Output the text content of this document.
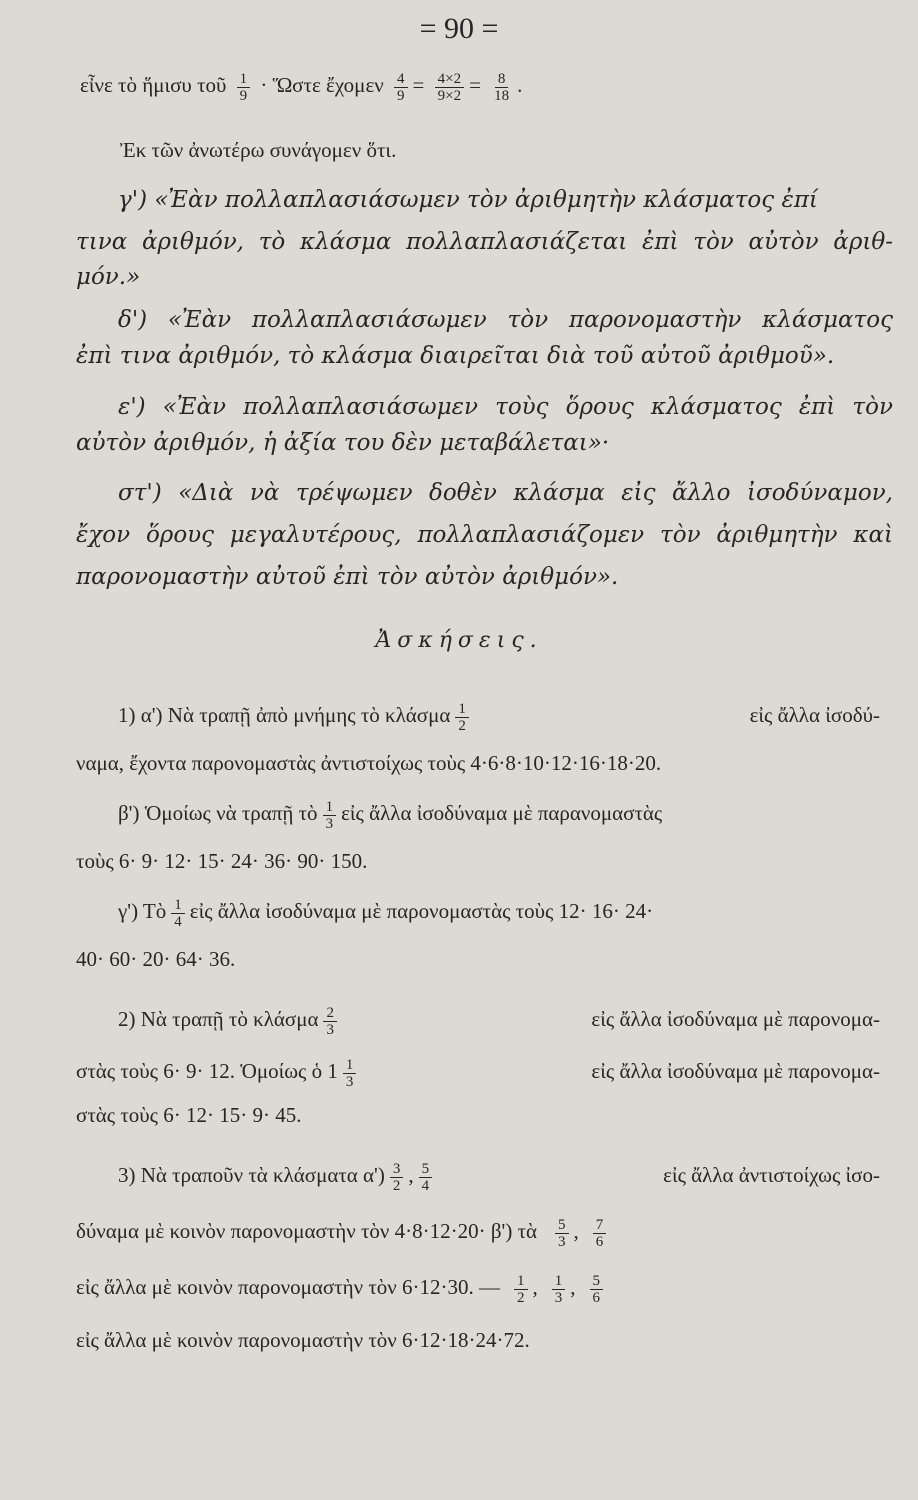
= 90 =
εἶνε τὸ ἥμισυ τοῦ $\frac{1}{9}$ · Ὥστε ἔχομεν $\frac{4}{9} = \frac{4\times 2}{9\times 2} = \frac{8}{18}$ .
Ἐκ τῶν ἀνωτέρω συνάγομεν ὅτι.
γ') «Ἐὰν πολλαπλασιάσωμεν τὸν ἀριθμητὴν κλάσματος ἐπί
τινα ἀριθμόν, τὸ κλάσμα πολλαπλασιάζεται ἐπὶ τὸν αὐτὸν ἀριθ-
μόν.»
δ') «Ἐὰν πολλαπλασιάσωμεν τὸν παρονομαστὴν κλάσματος
ἐπὶ τινα ἀριθμόν, τὸ κλάσμα διαιρεῖται διὰ τοῦ αὐτοῦ ἀριθμοῦ».
ε') «Ἐὰν πολλαπλασιάσωμεν τοὺς ὅρους κλάσματος ἐπὶ τὸν
αὐτὸν ἀριθμόν, ἡ ἀξία του δὲν μεταβάλεται»·
στ') «Διὰ νὰ τρέψωμεν δοθὲν κλάσμα εἰς ἄλλο ἰσοδύναμον,
ἔχον ὅρους μεγαλυτέρους, πολλαπλασιάζομεν τὸν ἀριθμητὴν καὶ
παρονομαστὴν αὐτοῦ ἐπὶ τὸν αὐτὸν ἀριθμόν».
Ἀσκήσεις.
1) α') Νὰ τραπῇ ἀπὸ μνήμης τὸ κλάσμα $\frac{1}{2}$	εἰς ἄλλα ἰσοδύ-
ναμα, ἔχοντα παρονομαστὰς ἀντιστοίχως τοὺς 4·6·8·10·12·16·18·20.
β') Ὁμοίως νὰ τραπῇ τὸ $\frac{1}{3}$ εἰς ἄλλα ἰσοδύναμα μὲ παρανομαστὰς
τοὺς 6· 9· 12· 15· 24· 36· 90· 150.
γ') Τὸ $\frac{1}{4}$ εἰς ἄλλα ἰσοδύναμα μὲ παρονομαστὰς τοὺς 12· 16· 24·
40· 60· 20· 64· 36.
2) Νὰ τραπῇ τὸ κλάσμα $\frac{2}{3}$	εἰς ἄλλα ἰσοδύναμα μὲ παρονομα-
στὰς τοὺς 6· 9· 12. Ὁμοίως ὁ $1 \frac{1}{3}$	εἰς ἄλλα ἰσοδύναμα μὲ παρονομα-
στὰς τοὺς 6· 12· 15· 9· 45.
3) Νὰ τραποῦν τὰ κλάσματα $\alpha') \frac{3}{2}$ , $\frac{5}{4}$	εἰς ἄλλα ἀντιστοίχως ἰσο-
δύναμα μὲ κοινὸν παρονομαστὴν τὸν 4·8·12·20· β') τὰ $\frac{5}{3}$ , $\frac{7}{6}$
εἰς ἄλλα μὲ κοινὸν παρονομαστὴν τὸν 6·12·30. — $\frac{1}{2}$ , $\frac{1}{3}$ , $\frac{5}{6}$
εἰς ἄλλα μὲ κοινὸν παρονομαστὴν τὸν 6·12·18·24·72.
